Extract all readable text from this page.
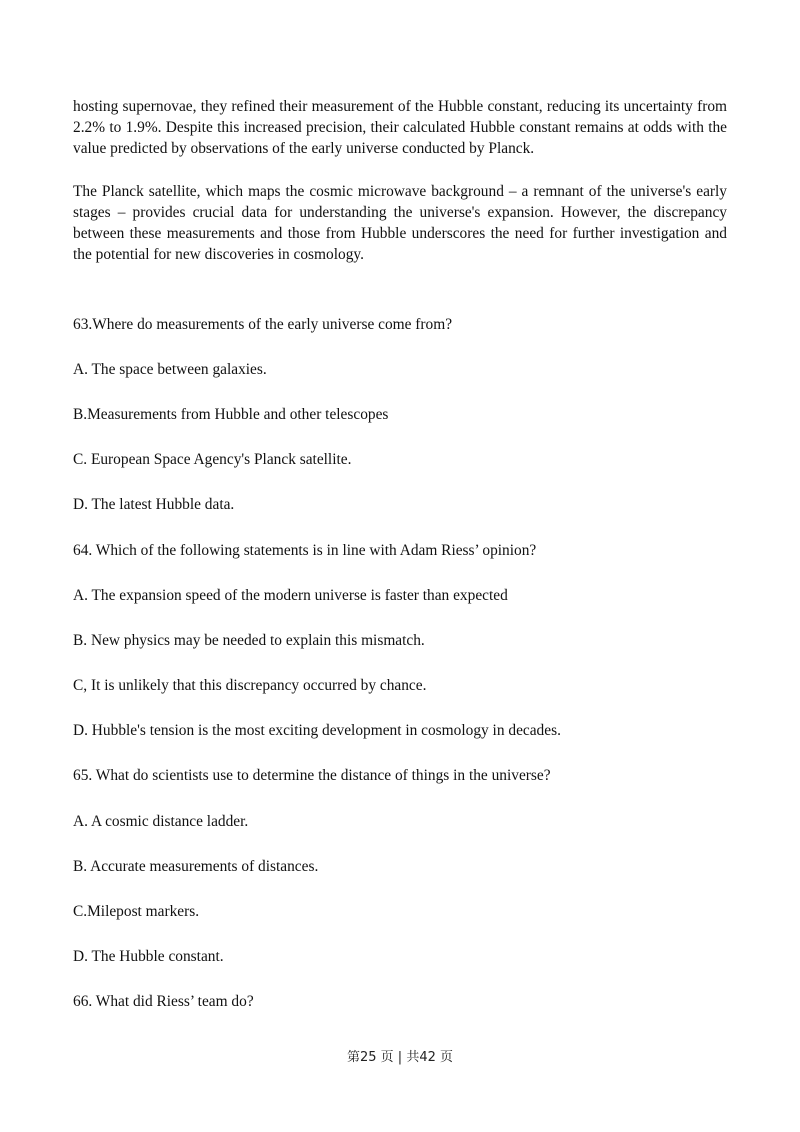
hosting supernovae, they refined their measurement of the Hubble constant, reducing its uncertainty from 2.2% to 1.9%. Despite this increased precision, their calculated Hubble constant remains at odds with the value predicted by observations of the early universe conducted by Planck.

The Planck satellite, which maps the cosmic microwave background – a remnant of the universe's early stages – provides crucial data for understanding the universe's expansion. However, the discrepancy between these measurements and those from Hubble underscores the need for further investigation and the potential for new discoveries in cosmology.

63.Where do measurements of the early universe come from?

A. The space between galaxies.

B.Measurements from Hubble and other telescopes

C. European Space Agency's Planck satellite.

D. The latest Hubble data.

64. Which of the following statements is in line with Adam Riess’ opinion?

A. The expansion speed of the modern universe is faster than expected

B. New physics may be needed to explain this mismatch.

C, It is unlikely that this discrepancy occurred by chance.

D. Hubble's tension is the most exciting development in cosmology in decades.

65. What do scientists use to determine the distance of things in the universe?

A. A cosmic distance ladder.

B. Accurate measurements of distances.

C.Milepost markers.

D. The Hubble constant.

66. What did Riess’ team do?

第25 页 | 共42 页
